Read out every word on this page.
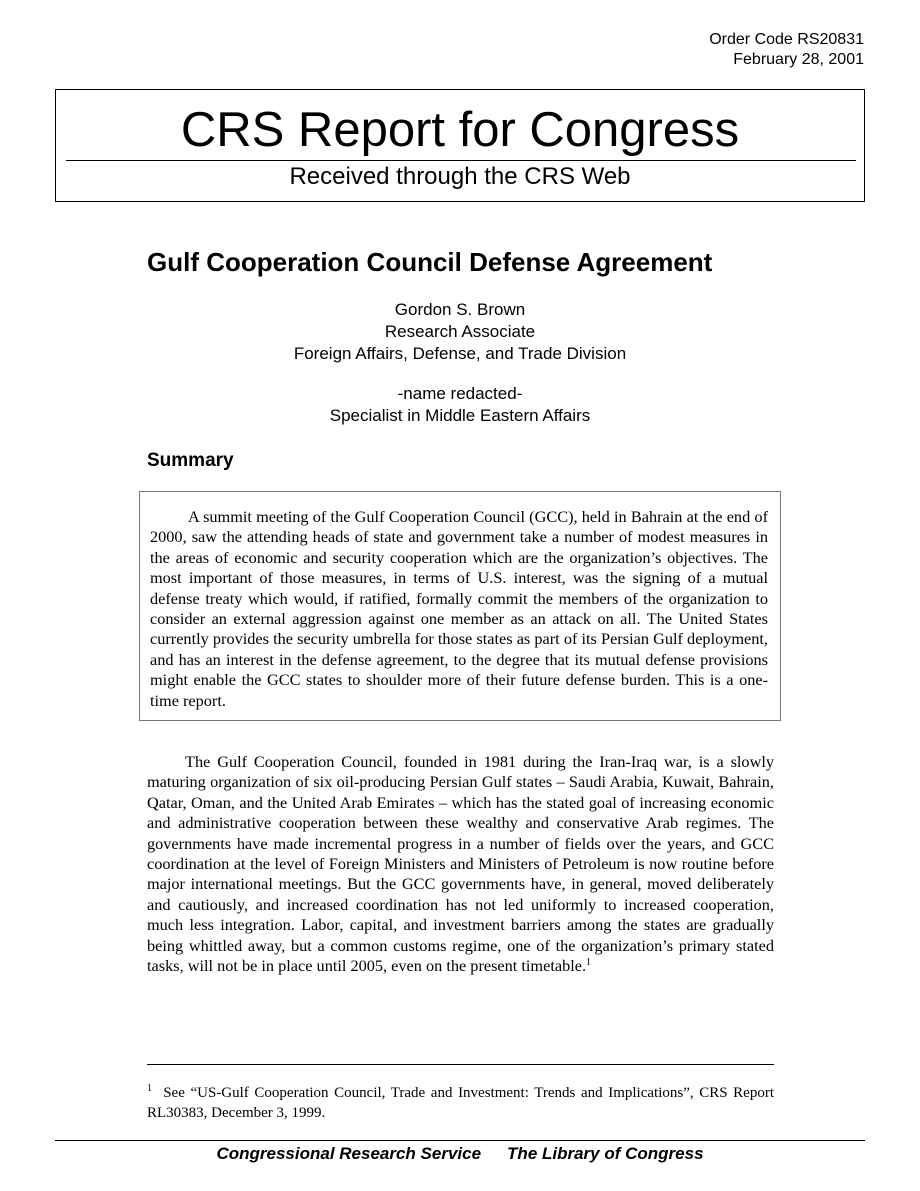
Order Code RS20831
February 28, 2001
CRS Report for Congress
Received through the CRS Web
Gulf Cooperation Council Defense Agreement
Gordon S. Brown
Research Associate
Foreign Affairs, Defense, and Trade Division
-name redacted-
Specialist in Middle Eastern Affairs
Summary

A summit meeting of the Gulf Cooperation Council (GCC), held in Bahrain at the end of 2000, saw the attending heads of state and government take a number of modest measures in the areas of economic and security cooperation which are the organization’s objectives. The most important of those measures, in terms of U.S. interest, was the signing of a mutual defense treaty which would, if ratified, formally commit the members of the organization to consider an external aggression against one member as an attack on all. The United States currently provides the security umbrella for those states as part of its Persian Gulf deployment, and has an interest in the defense agreement, to the degree that its mutual defense provisions might enable the GCC states to shoulder more of their future defense burden. This is a one-time report.

The Gulf Cooperation Council, founded in 1981 during the Iran-Iraq war, is a slowly maturing organization of six oil-producing Persian Gulf states – Saudi Arabia, Kuwait, Bahrain, Qatar, Oman, and the United Arab Emirates – which has the stated goal of increasing economic and administrative cooperation between these wealthy and conservative Arab regimes. The governments have made incremental progress in a number of fields over the years, and GCC coordination at the level of Foreign Ministers and Ministers of Petroleum is now routine before major international meetings. But the GCC governments have, in general, moved deliberately and cautiously, and increased coordination has not led uniformly to increased cooperation, much less integration. Labor, capital, and investment barriers among the states are gradually being whittled away, but a common customs regime, one of the organization’s primary stated tasks, will not be in place until 2005, even on the present timetable.$^1$

$^1$ See “US-Gulf Cooperation Council, Trade and Investment: Trends and Implications”, CRS Report RL30383, December 3, 1999.

Congressional Research Service The Library of Congress
